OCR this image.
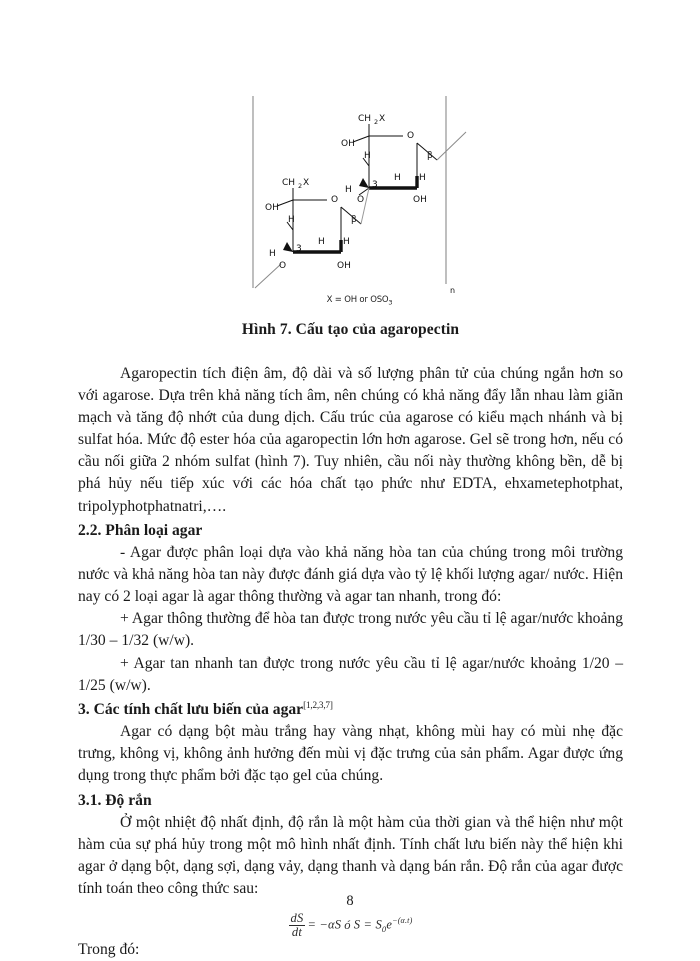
CH 2 X
OH
H
O
β
H
H
H 3
O	OH
CH 2 X
OH
H
O
β
H
H
H 3
O	OH
n
X = OH or $OSO_3$
Hình 7. Cấu tạo của agaropectin

Agaropectin tích điện âm, độ dài và số lượng phân tử của chúng ngắn hơn so với agarose. Dựa trên khả năng tích âm, nên chúng có khả năng đẩy lẫn nhau làm giãn mạch và tăng độ nhớt của dung dịch. Cấu trúc của agarose có kiểu mạch nhánh và bị sulfat hóa. Mức độ ester hóa của agaropectin lớn hơn agarose. Gel sẽ trong hơn, nếu có cầu nối giữa 2 nhóm sulfat (hình 7). Tuy nhiên, cầu nối này thường không bền, dễ bị phá hủy nếu tiếp xúc với các hóa chất tạo phức như EDTA, ehxametephotphat, tripolyphotphatnatri,….

2.2. Phân loại agar

- Agar được phân loại dựa vào khả năng hòa tan của chúng trong môi trường nước và khả năng hòa tan này được đánh giá dựa vào tỷ lệ khối lượng agar/ nước. Hiện nay có 2 loại agar là agar thông thường và agar tan nhanh, trong đó:

+ Agar thông thường để hòa tan được trong nước yêu cầu tỉ lệ agar/nước khoảng 1/30 – 1/32 (w/w).

+ Agar tan nhanh tan được trong nước yêu cầu tỉ lệ agar/nước khoảng 1/20 – 1/25 (w/w).

3. Các tính chất lưu biến của agar[1,2,3,7]

Agar có dạng bột màu trắng hay vàng nhạt, không mùi hay có mùi nhẹ đặc trưng, không vị, không ảnh hưởng đến mùi vị đặc trưng của sản phẩm. Agar được ứng dụng trong thực phẩm bởi đặc tạo gel của chúng.

3.1. Độ rắn

Ở một nhiệt độ nhất định, độ rắn là một hàm của thời gian và thể hiện như một hàm của sự phá hủy trong một mô hình nhất định. Tính chất lưu biến này thể hiện khi agar ở dạng bột, dạng sợi, dạng vảy, dạng thanh và dạng bán rắn. Độ rắn của agar được tính toán theo công thức sau:

$\frac{dS}{dt} = -\alpha S$ ó $S = S_0e^{-(\alpha.t)}$

Trong đó:

8
